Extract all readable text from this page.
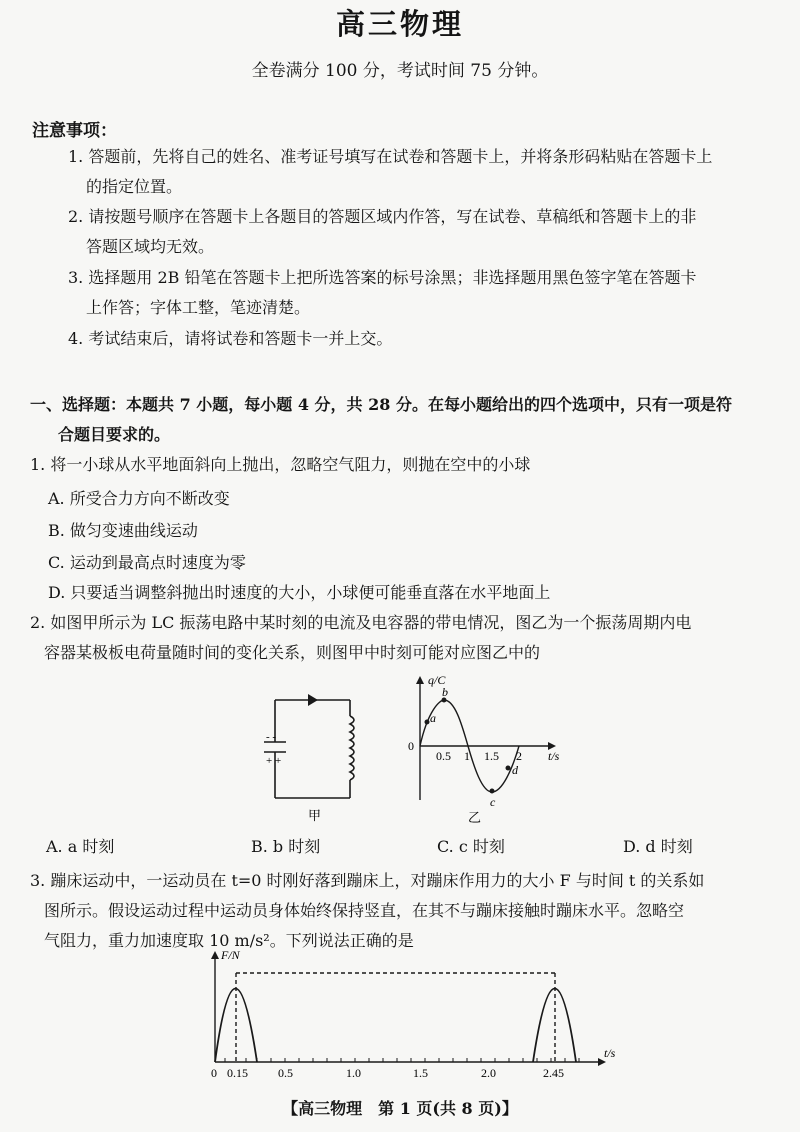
高三物理
全卷满分 100 分，考试时间 75 分钟。
注意事项：
1. 答题前，先将自己的姓名、准考证号填写在试卷和答题卡上，并将条形码粘贴在答题卡上
的指定位置。
2. 请按题号顺序在答题卡上各题目的答题区域内作答，写在试卷、草稿纸和答题卡上的非
答题区域均无效。
3. 选择题用 2B 铅笔在答题卡上把所选答案的标号涂黑；非选择题用黑色签字笔在答题卡
上作答；字体工整，笔迹清楚。
4. 考试结束后，请将试卷和答题卡一并上交。
一、选择题：本题共 7 小题，每小题 4 分，共 28 分。在每小题给出的四个选项中，只有一项是符
合题目要求的。
1. 将一小球从水平地面斜向上抛出，忽略空气阻力，则抛在空中的小球
A. 所受合力方向不断改变
B. 做匀变速曲线运动
C. 运动到最高点时速度为零
D. 只要适当调整斜抛出时速度的大小，小球便可能垂直落在水平地面上
2. 如图甲所示为 LC 振荡电路中某时刻的电流及电容器的带电情况，图乙为一个振荡周期内电
容器某极板电荷量随时间的变化关系，则图甲中时刻可能对应图乙中的
- -
+ +
甲
q/C
t/s
0
0.5 1 1.5 2
a
b
c
d
乙
A. a 时刻	B. b 时刻	C. c 时刻	D. d 时刻
3. 蹦床运动中，一运动员在 t=0 时刚好落到蹦床上，对蹦床作用力的大小 F 与时间 t 的关系如
图所示。假设运动过程中运动员身体始终保持竖直，在其不与蹦床接触时蹦床水平。忽略空
气阻力，重力加速度取 10 m/s²。下列说法正确的是
F/N
t/s
0 0.15	0.5	1.0	1.5	2.0	2.45
【高三物理　第 1 页(共 8 页)】
